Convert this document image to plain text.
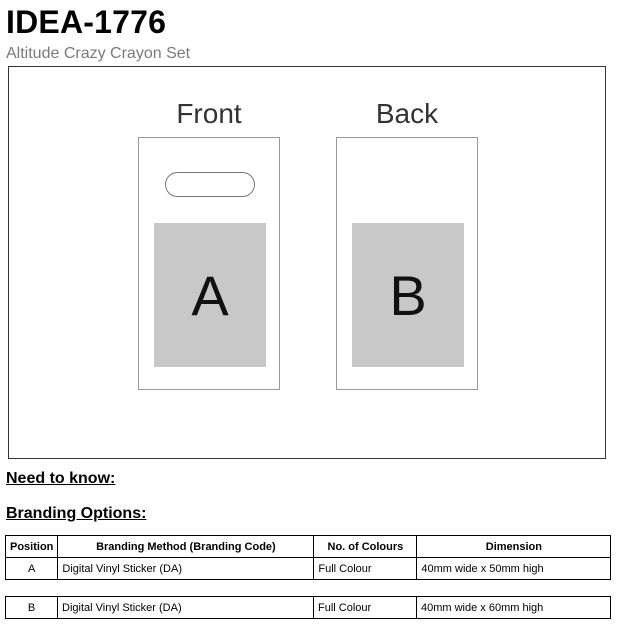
IDEA-1776
Altitude Crazy Crayon Set
Front	Back
A	B
Need to know:
Branding Options:
Position	Branding Method (Branding Code)	No. of Colours	Dimension
A	Digital Vinyl Sticker (DA)	Full Colour	40mm wide x 50mm high
B	Digital Vinyl Sticker (DA)	Full Colour	40mm wide x 60mm high
